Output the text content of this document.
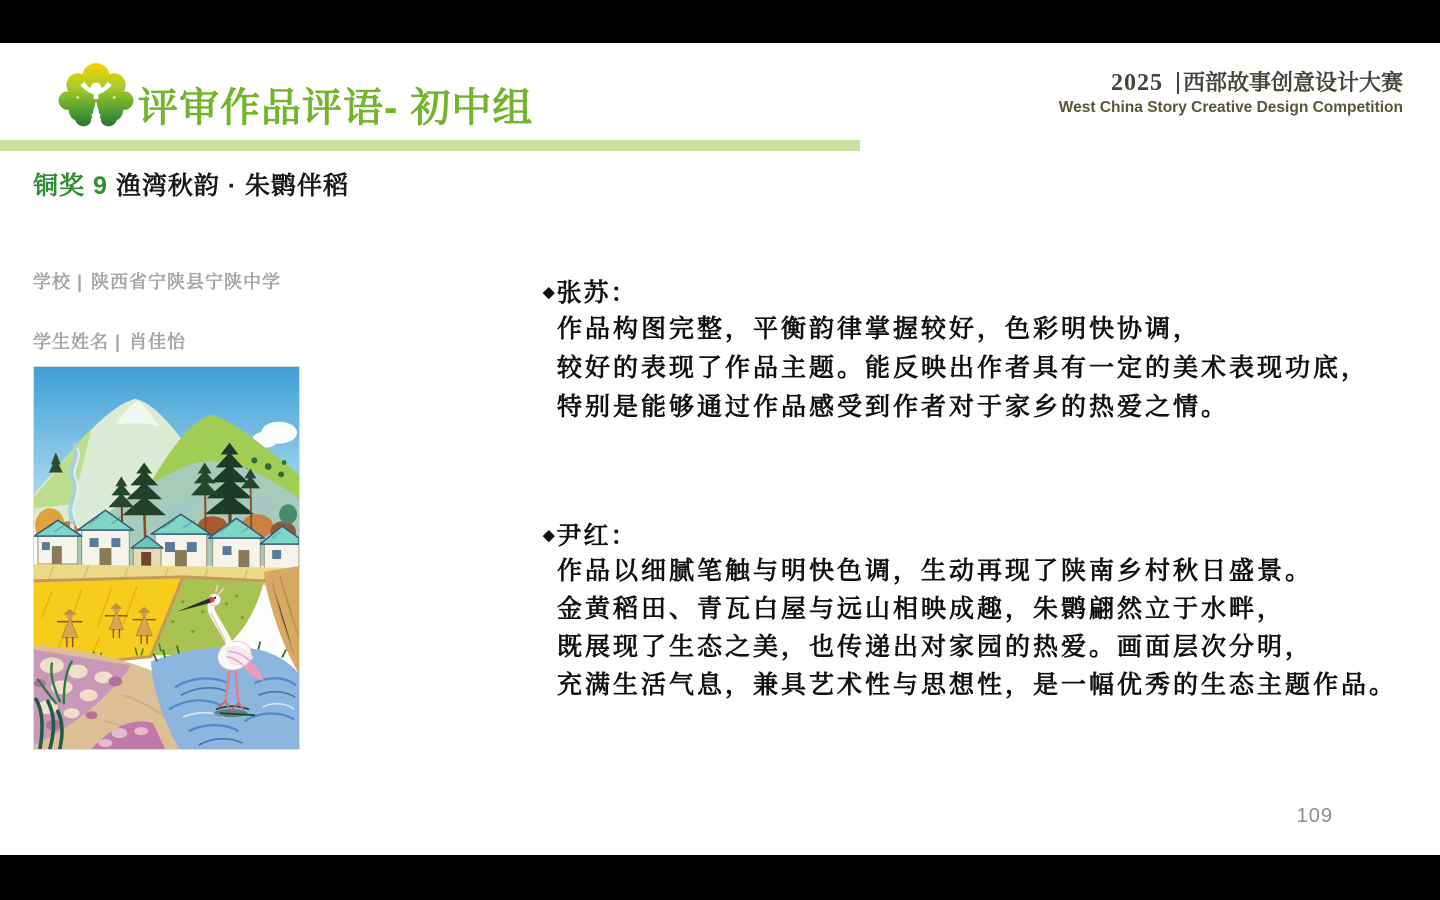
评审作品评语- 初中组
2025 西部故事创意设计大赛
West China Story Creative Design Competition
铜奖 9 渔湾秋韵 · 朱鹮伴稻
学校 | 陕西省宁陕县宁陕中学
学生姓名 | 肖佳怡
◆张苏：
作品构图完整，平衡韵律掌握较好，色彩明快协调，
较好的表现了作品主题。能反映出作者具有一定的美术表现功底，
特别是能够通过作品感受到作者对于家乡的热爱之情。
◆尹红：
作品以细腻笔触与明快色调，生动再现了陕南乡村秋日盛景。
金黄稻田、青瓦白屋与远山相映成趣，朱鹮翩然立于水畔，
既展现了生态之美，也传递出对家园的热爱。画面层次分明，
充满生活气息，兼具艺术性与思想性，是一幅优秀的生态主题作品。
109
